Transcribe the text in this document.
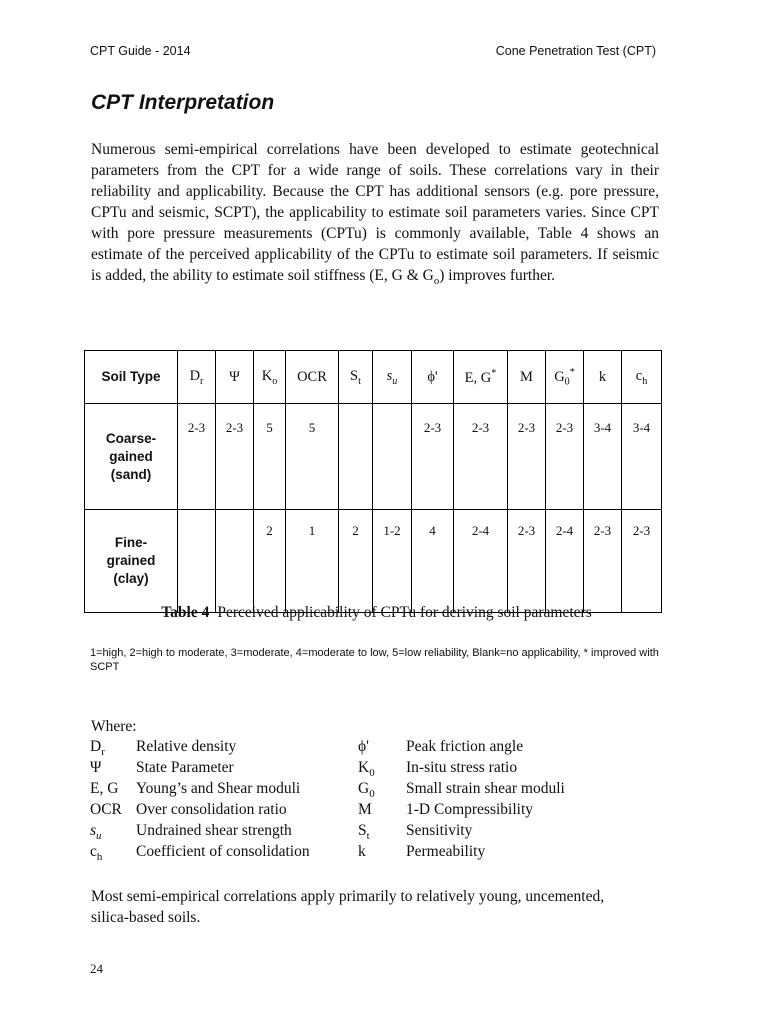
CPT Guide - 2014	Cone Penetration Test (CPT)
CPT Interpretation

Numerous semi-empirical correlations have been developed to estimate geotechnical parameters from the CPT for a wide range of soils. These correlations vary in their reliability and applicability. Because the CPT has additional sensors (e.g. pore pressure, CPTu and seismic, SCPT), the applicability to estimate soil parameters varies. Since CPT with pore pressure measurements (CPTu) is commonly available, Table 4 shows an estimate of the perceived applicability of the CPTu to estimate soil parameters. If seismic is added, the ability to estimate soil stiffness (E, G & $G_o$) improves further.

Soil Type	$D_r$	Ψ	$K_o$	OCR	$S_t$	$s_u$	ϕ'	E, G*	M	$G_0^*$	k	$c_h$

Coarse-
gained
(sand)	2-3	2-3	5	5			2-3	2-3	2-3	2-3	3-4	3-4

Fine-
grained
(clay)			2	1	2	1-2	4	2-4	2-3	2-4	2-3	2-3

Table 4 Perceived applicability of CPTu for deriving soil parameters

1=high, 2=high to moderate, 3=moderate, 4=moderate to low, 5=low reliability, Blank=no applicability, * improved with SCPT

Where:

$D_r$ Relative density	ϕ' Peak friction angle
Ψ State Parameter	$K_0$ In-situ stress ratio
E, G Young’s and Shear moduli	$G_0$ Small strain shear moduli
OCR Over consolidation ratio	M 1-D Compressibility
$s_u$ Undrained shear strength	$S_t$ Sensitivity
$c_h$ Coefficient of consolidation	k	Permeability

Most semi-empirical correlations apply primarily to relatively young, uncemented, silica-based soils.

24
